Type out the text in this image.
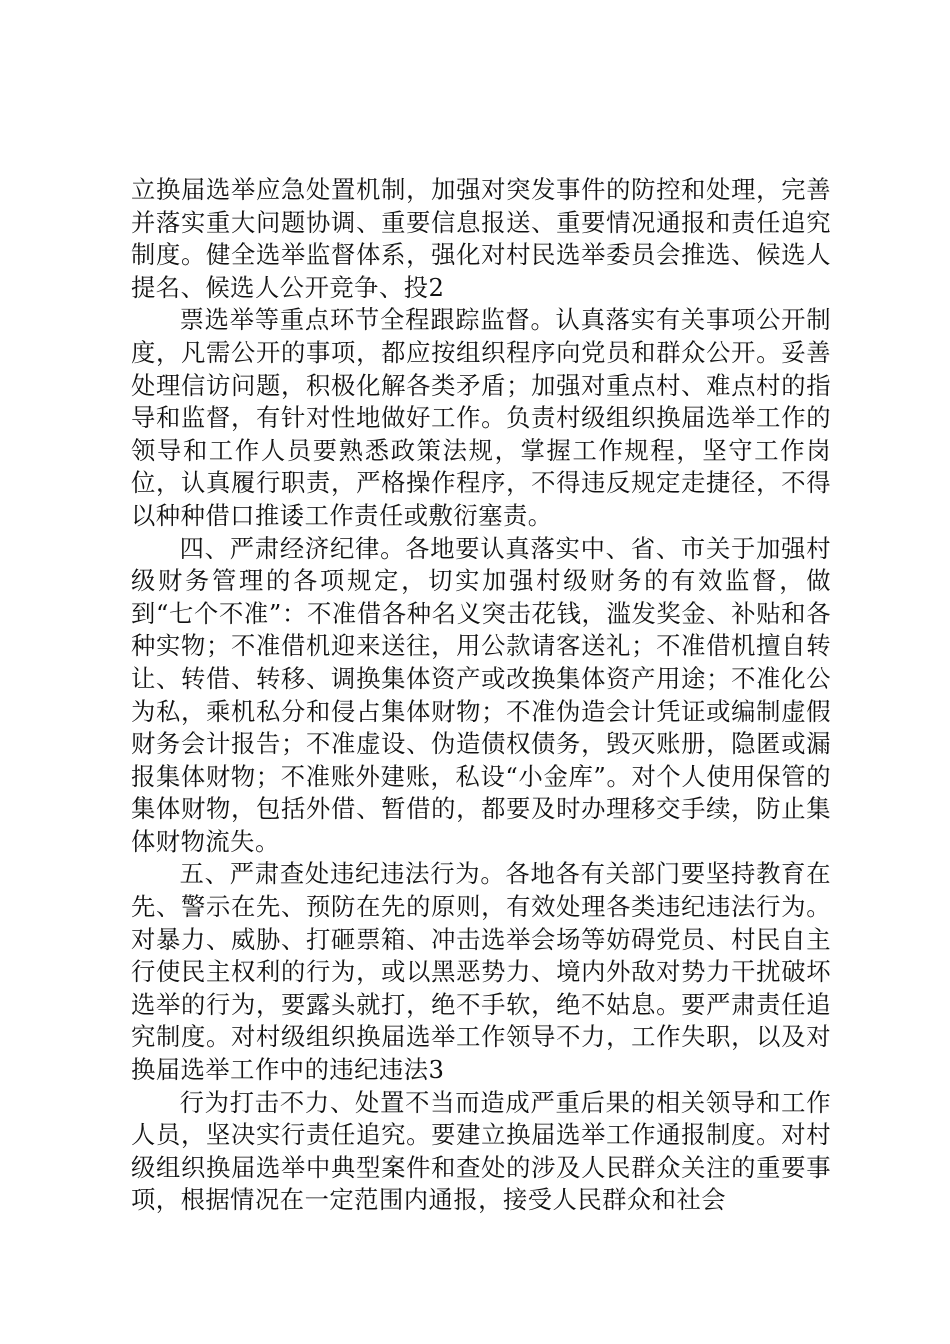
立换届选举应急处置机制，加强对突发事件的防控和处理，完善并落实重大问题协调、重要信息报送、重要情况通报和责任追究制度。健全选举监督体系，强化对村民选举委员会推选、候选人提名、候选人公开竞争、投2

票选举等重点环节全程跟踪监督。认真落实有关事项公开制度，凡需公开的事项，都应按组织程序向党员和群众公开。妥善处理信访问题，积极化解各类矛盾；加强对重点村、难点村的指导和监督，有针对性地做好工作。负责村级组织换届选举工作的领导和工作人员要熟悉政策法规，掌握工作规程，坚守工作岗位，认真履行职责，严格操作程序，不得违反规定走捷径，不得以种种借口推诿工作责任或敷衍塞责。

四、严肃经济纪律。各地要认真落实中、省、市关于加强村级财务管理的各项规定，切实加强村级财务的有效监督，做到“七个不准”：不准借各种名义突击花钱，滥发奖金、补贴和各种实物；不准借机迎来送往，用公款请客送礼；不准借机擅自转让、转借、转移、调换集体资产或改换集体资产用途；不准化公为私，乘机私分和侵占集体财物；不准伪造会计凭证或编制虚假财务会计报告；不准虚设、伪造债权债务，毁灭账册，隐匿或漏报集体财物；不准账外建账，私设“小金库”。对个人使用保管的集体财物，包括外借、暂借的，都要及时办理移交手续，防止集体财物流失。

五、严肃查处违纪违法行为。各地各有关部门要坚持教育在先、警示在先、预防在先的原则，有效处理各类违纪违法行为。对暴力、威胁、打砸票箱、冲击选举会场等妨碍党员、村民自主行使民主权利的行为，或以黑恶势力、境内外敌对势力干扰破坏选举的行为，要露头就打，绝不手软，绝不姑息。要严肃责任追究制度。对村级组织换届选举工作领导不力，工作失职，以及对换届选举工作中的违纪违法3

行为打击不力、处置不当而造成严重后果的相关领导和工作人员，坚决实行责任追究。要建立换届选举工作通报制度。对村级组织换届选举中典型案件和查处的涉及人民群众关注的重要事项，根据情况在一定范围内通报，接受人民群众和社会
